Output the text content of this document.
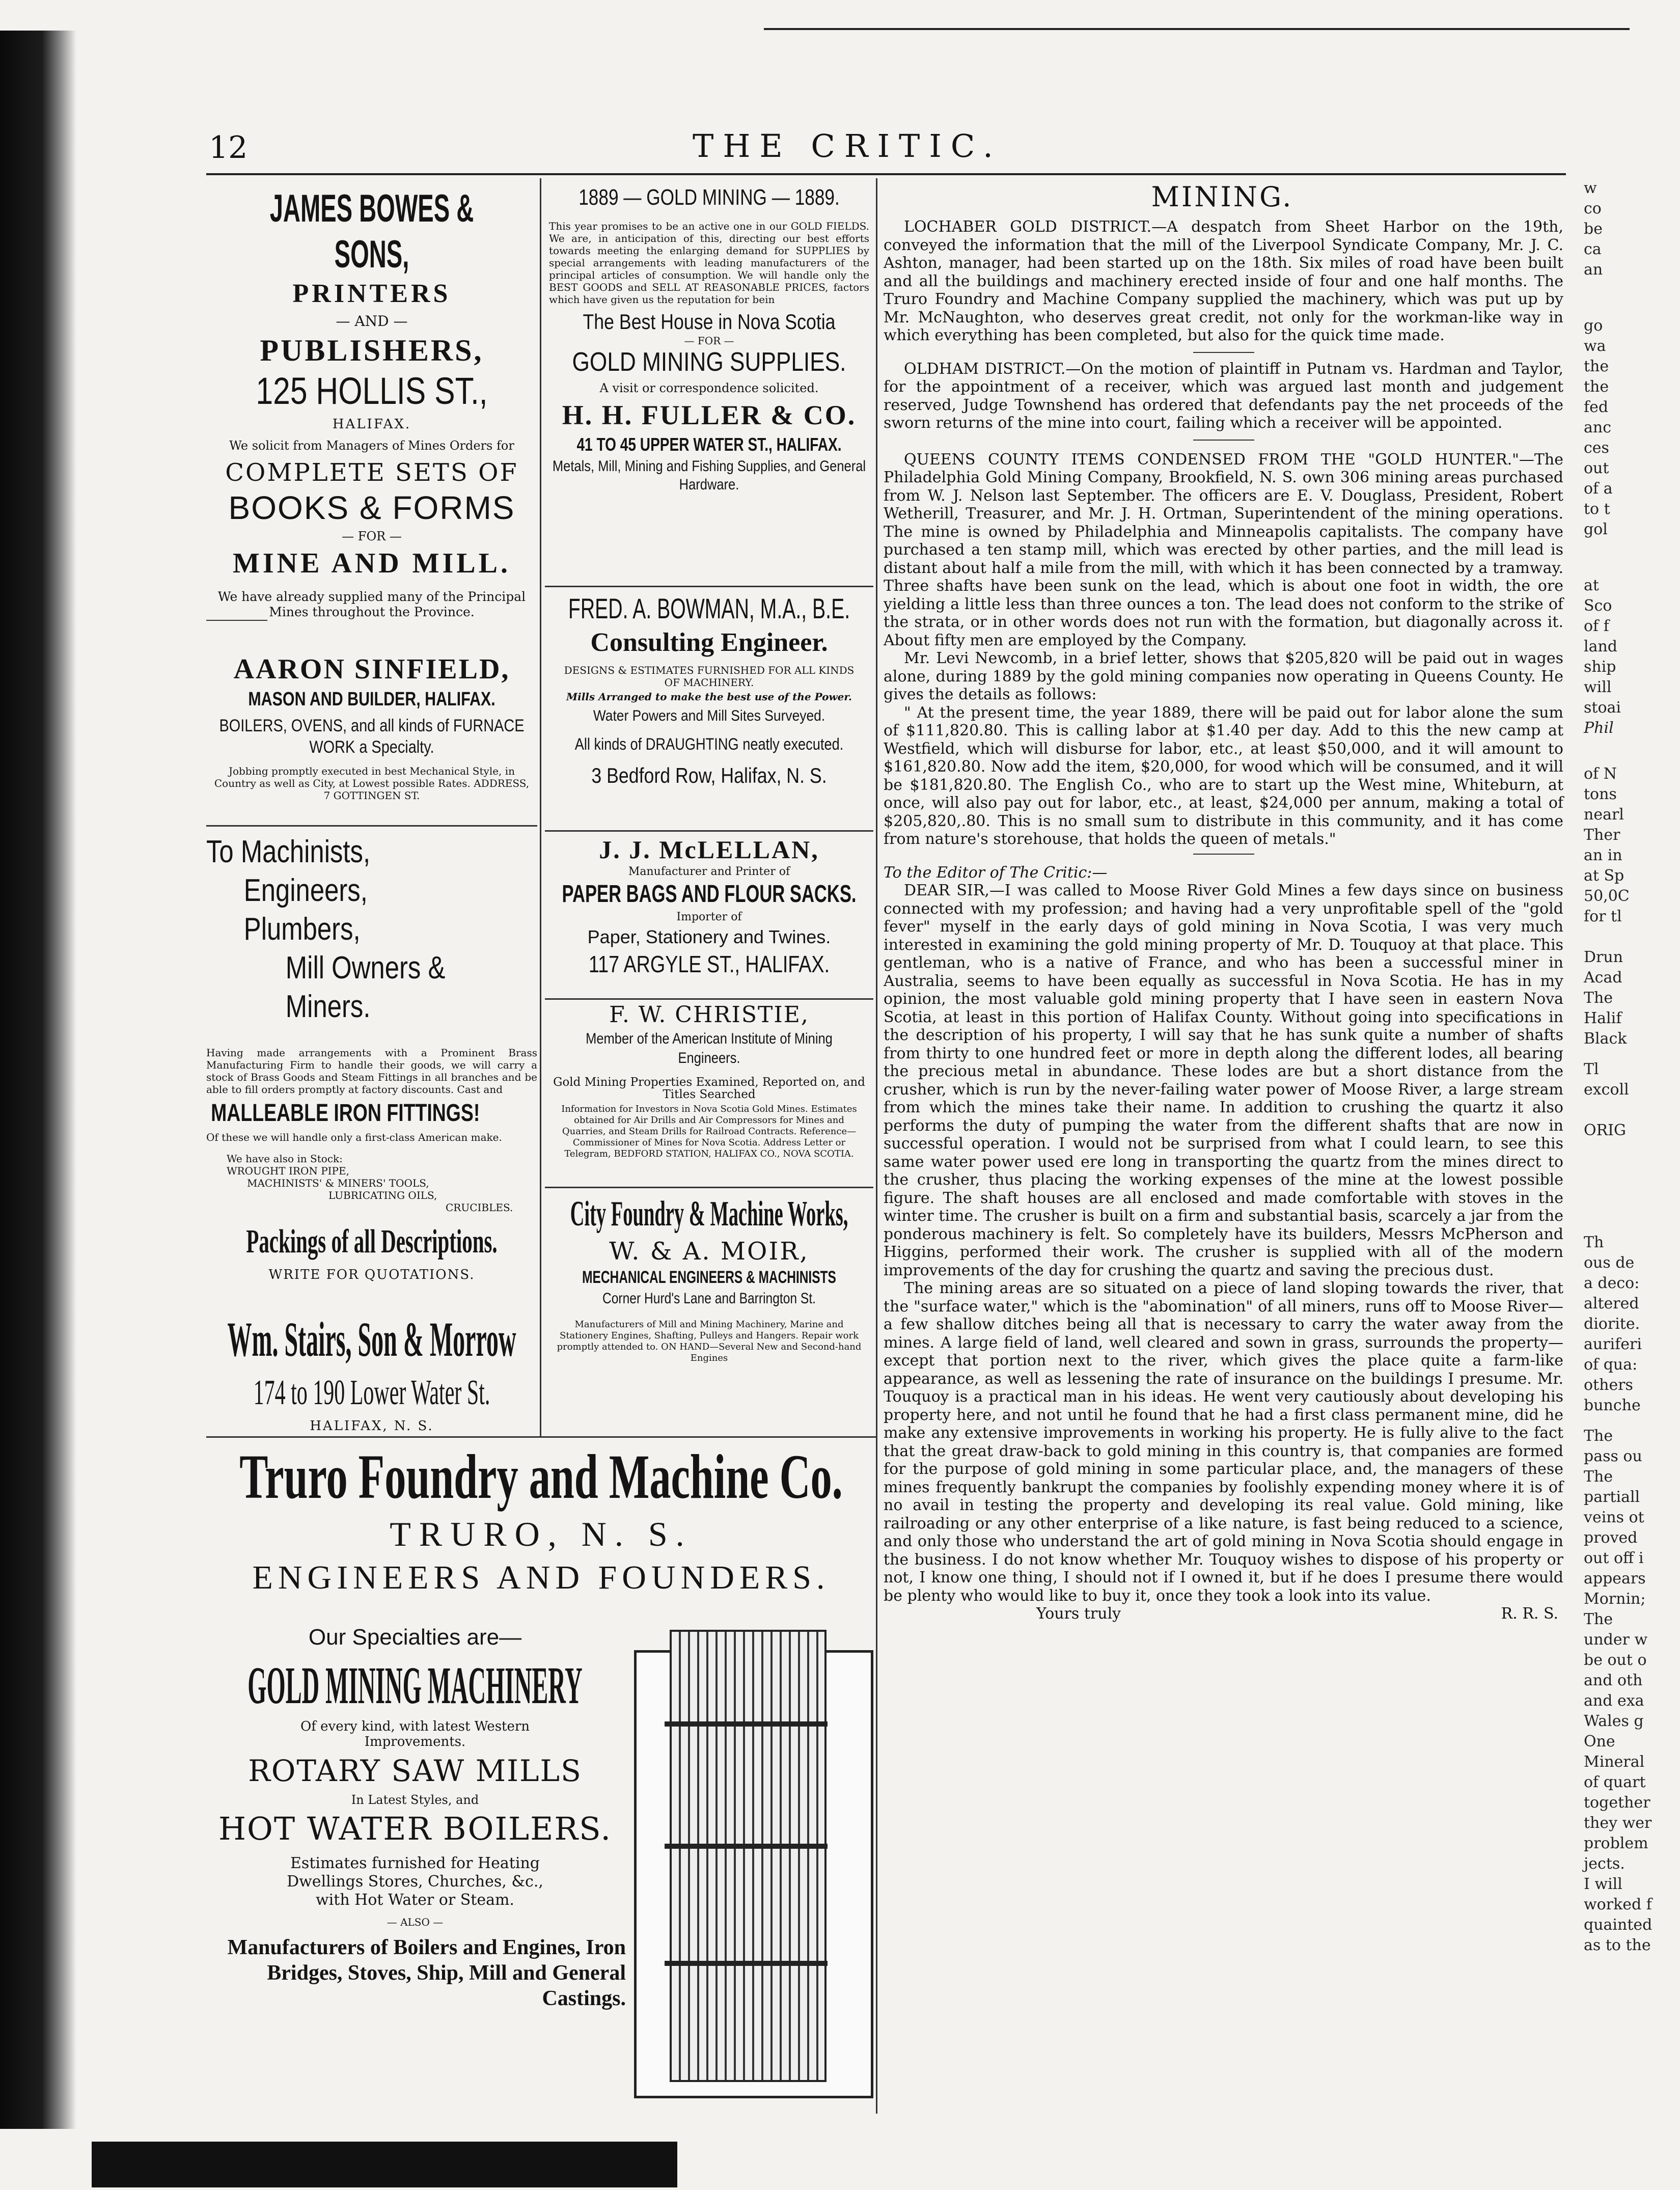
12	THE CRITIC.
JAMES BOWES & SONS,
PRINTERS
— AND —
PUBLISHERS,
125 HOLLIS ST.,
HALIFAX.
We solicit from Managers of Mines Orders for
COMPLETE SETS OF
BOOKS & FORMS
— FOR —
MINE AND MILL.
We have already supplied many of the Principal Mines throughout the Province.
AARON SINFIELD,
MASON AND BUILDER, HALIFAX.
BOILERS, OVENS, and all kinds of FURNACE WORK a Specialty.
Jobbing promptly executed in best Mechanical Style, in Country as well as City, at Lowest possible Rates. ADDRESS, 7 GOTTINGEN ST.
To Machinists,
Engineers, Plumbers,
Mill Owners & Miners.
Having made arrangements with a Prominent Brass Manufacturing Firm to handle their goods, we will carry a stock of Brass Goods and Steam Fittings in all branches and be able to fill orders promptly at factory discounts. Cast and
MALLEABLE IRON FITTINGS!
Of these we will handle only a first-class American make.
We have also in Stock:
WROUGHT IRON PIPE,
MACHINISTS' & MINERS' TOOLS,
LUBRICATING OILS,
CRUCIBLES.
Packings of all Descriptions.
WRITE FOR QUOTATIONS.
Wm. Stairs, Son & Morrow
174 to 190 Lower Water St.
HALIFAX, N. S.
1889 — GOLD MINING — 1889.
This year promises to be an active one in our GOLD FIELDS. We are, in anticipation of this, directing our best efforts towards meeting the enlarging demand for SUPPLIES by special arrangements with leading manufacturers of the principal articles of consumption. We will handle only the BEST GOODS and SELL AT REASONABLE PRICES, factors which have given us the reputation for bein
The Best House in Nova Scotia
— FOR —
GOLD MINING SUPPLIES.
A visit or correspondence solicited.
H. H. FULLER & CO.
41 TO 45 UPPER WATER ST., HALIFAX.
Metals, Mill, Mining and Fishing Supplies, and General Hardware.
FRED. A. BOWMAN, M.A., B.E.
Consulting Engineer.
DESIGNS & ESTIMATES FURNISHED FOR ALL KINDS OF MACHINERY.
Mills Arranged to make the best use of the Power.
Water Powers and Mill Sites Surveyed.
All kinds of DRAUGHTING neatly executed.
3 Bedford Row, Halifax, N. S.
J. J. McLELLAN,
Manufacturer and Printer of
PAPER BAGS AND FLOUR SACKS.
Importer of
Paper, Stationery and Twines.
117 ARGYLE ST., HALIFAX.
F. W. CHRISTIE,
Member of the American Institute of Mining Engineers.
Gold Mining Properties Examined, Reported on, and Titles Searched
Information for Investors in Nova Scotia Gold Mines. Estimates obtained for Air Drills and Air Compressors for Mines and Quarries, and Steam Drills for Railroad Contracts. Reference—Commissioner of Mines for Nova Scotia. Address Letter or Telegram, BEDFORD STATION, HALIFAX CO., NOVA SCOTIA.
City Foundry & Machine Works,
W. & A. MOIR,
MECHANICAL ENGINEERS & MACHINISTS
Corner Hurd's Lane and Barrington St.
Manufacturers of Mill and Mining Machinery, Marine and Stationery Engines, Shafting, Pulleys and Hangers. Repair work promptly attended to. ON HAND—Several New and Second-hand Engines
Truro Foundry and Machine Co.
TRURO, N. S.
ENGINEERS AND FOUNDERS.
Our Specialties are—
GOLD MINING MACHINERY
Of every kind, with latest Western Improvements.
ROTARY SAW MILLS
In Latest Styles, and
HOT WATER BOILERS.
Estimates furnished for Heating Dwellings Stores, Churches, &c., with Hot Water or Steam.
— ALSO —
Manufacturers of Boilers and Engines, Iron Bridges, Stoves, Ship, Mill and General Castings.
MINING.

LOCHABER GOLD DISTRICT.—A despatch from Sheet Harbor on the 19th, conveyed the information that the mill of the Liverpool Syndicate Company, Mr. J. C. Ashton, manager, had been started up on the 18th. Six miles of road have been built and all the buildings and machinery erected inside of four and one half months. The Truro Foundry and Machine Company supplied the machinery, which was put up by Mr. McNaughton, who deserves great credit, not only for the workman-like way in which everything has been completed, but also for the quick time made.

OLDHAM DISTRICT.—On the motion of plaintiff in Putnam vs. Hardman and Taylor, for the appointment of a receiver, which was argued last month and judgement reserved, Judge Townshend has ordered that defendants pay the net proceeds of the sworn returns of the mine into court, failing which a receiver will be appointed.

QUEENS COUNTY ITEMS CONDENSED FROM THE "GOLD HUNTER."—The Philadelphia Gold Mining Company, Brookfield, N. S. own 306 mining areas purchased from W. J. Nelson last September. The officers are E. V. Douglass, President, Robert Wetherill, Treasurer, and Mr. J. H. Ortman, Superintendent of the mining operations. The mine is owned by Philadelphia and Minneapolis capitalists. The company have purchased a ten stamp mill, which was erected by other parties, and the mill lead is distant about half a mile from the mill, with which it has been connected by a tramway. Three shafts have been sunk on the lead, which is about one foot in width, the ore yielding a little less than three ounces a ton. The lead does not conform to the strike of the strata, or in other words does not run with the formation, but diagonally across it. About fifty men are employed by the Company.

Mr. Levi Newcomb, in a brief letter, shows that $205,820 will be paid out in wages alone, during 1889 by the gold mining companies now operating in Queens County. He gives the details as follows:

" At the present time, the year 1889, there will be paid out for labor alone the sum of $111,820.80. This is calling labor at $1.40 per day. Add to this the new camp at Westfield, which will disburse for labor, etc., at least $50,000, and it will amount to $161,820.80. Now add the item, $20,000, for wood which will be consumed, and it will be $181,820.80. The English Co., who are to start up the West mine, Whiteburn, at once, will also pay out for labor, etc., at least, $24,000 per annum, making a total of $205,820,.80. This is no small sum to distribute in this community, and it has come from nature's storehouse, that holds the queen of metals."

To the Editor of The Critic:—

DEAR SIR,—I was called to Moose River Gold Mines a few days since on business connected with my profession; and having had a very unprofitable spell of the "gold fever" myself in the early days of gold mining in Nova Scotia, I was very much interested in examining the gold mining property of Mr. D. Touquoy at that place. This gentleman, who is a native of France, and who has been a successful miner in Australia, seems to have been equally as successful in Nova Scotia. He has in my opinion, the most valuable gold mining property that I have seen in eastern Nova Scotia, at least in this portion of Halifax County. Without going into specifications in the description of his property, I will say that he has sunk quite a number of shafts from thirty to one hundred feet or more in depth along the different lodes, all bearing the precious metal in abundance. These lodes are but a short distance from the crusher, which is run by the never-failing water power of Moose River, a large stream from which the mines take their name. In addition to crushing the quartz it also performs the duty of pumping the water from the different shafts that are now in successful operation. I would not be surprised from what I could learn, to see this same water power used ere long in transporting the quartz from the mines direct to the crusher, thus placing the working expenses of the mine at the lowest possible figure. The shaft houses are all enclosed and made comfortable with stoves in the winter time. The crusher is built on a firm and substantial basis, scarcely a jar from the ponderous machinery is felt. So completely have its builders, Messrs McPherson and Higgins, performed their work. The crusher is supplied with all of the modern improvements of the day for crushing the quartz and saving the precious dust.

The mining areas are so situated on a piece of land sloping towards the river, that the "surface water," which is the "abomination" of all miners, runs off to Moose River—a few shallow ditches being all that is necessary to carry the water away from the mines. A large field of land, well cleared and sown in grass, surrounds the property—except that portion next to the river, which gives the place quite a farm-like appearance, as well as lessening the rate of insurance on the buildings I presume. Mr. Touquoy is a practical man in his ideas. He went very cautiously about developing his property here, and not until he found that he had a first class permanent mine, did he make any extensive improvements in working his property. He is fully alive to the fact that the great draw-back to gold mining in this country is, that companies are formed for the purpose of gold mining in some particular place, and, the managers of these mines frequently bankrupt the companies by foolishly expending money where it is of no avail in testing the property and developing its real value. Gold mining, like railroading or any other enterprise of a like nature, is fast being reduced to a science, and only those who understand the art of gold mining in Nova Scotia should engage in the business. I do not know whether Mr. Touquoy wishes to dispose of his property or not, I know one thing, I should not if I owned it, but if he does I presume there would be plenty who would like to buy it, once they took a look into its value.

Yours truly	R. R. S.

w
co
be
ca
an
go
wa
the
the
fed
anc
ces
out
of a
to t
gol
at
Sco
of f
land
ship
will
stoai
Phil
of N
tons
nearl
Ther
an in
at Sp
50,0C
for tl
Drun
Acad
The
Halif
Black
Tl
excoll
ORIG
Th
ous de
a deco:
altered
diorite.
auriferi
of qua:
others
bunche
The
pass ou
The
partiall
veins ot
proved
out off i
appears
Mornin;
The
under w
be out o
and oth
and exa
Wales g
One
Mineral
of quart
together
they wer
problem
jects.
I will
worked f
quainted
as to the
